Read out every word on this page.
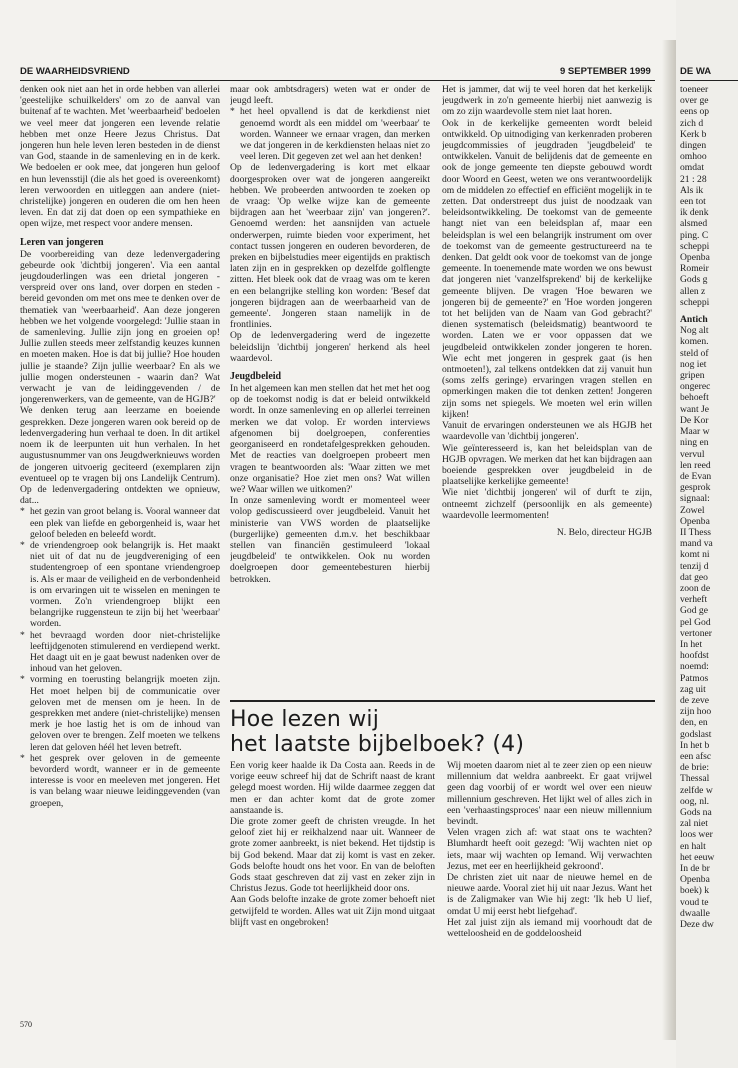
DE WAARHEIDSVRIEND	9 SEPTEMBER 1999

denken ook niet aan het in orde hebben van allerlei 'geestelijke schuilkelders' om zo de aanval van buitenaf af te wachten. Met 'weerbaarheid' bedoelen we veel meer dat jongeren een levende relatie hebben met onze Heere Jezus Christus. Dat jongeren hun hele leven leren besteden in de dienst van God, staande in de samenleving en in de kerk. We bedoelen er ook mee, dat jongeren hun geloof en hun levensstijl (die als het goed is overeenkomt) leren verwoorden en uitleggen aan andere (niet-christelijke) jongeren en ouderen die om hen heen leven. En dat zij dat doen op een sympathieke en open wijze, met respect voor andere mensen.

Leren van jongeren

De voorbereiding van deze ledenvergadering gebeurde ook 'dichtbij jongeren'. Via een aantal jeugdouderlingen was een drietal jongeren - verspreid over ons land, over dorpen en steden - bereid gevonden om met ons mee te denken over de thematiek van 'weerbaarheid'. Aan deze jongeren hebben we het volgende voorgelegd: 'Jullie staan in de samenleving. Jullie zijn jong en groeien op! Jullie zullen steeds meer zelfstandig keuzes kunnen en moeten maken. Hoe is dat bij jullie? Hoe houden jullie je staande? Zijn jullie weerbaar? En als we jullie mogen ondersteunen - waarin dan? Wat verwacht je van de leidinggevenden / de jongerenwerkers, van de gemeente, van de HGJB?'

We denken terug aan leerzame en boeiende gesprekken. Deze jongeren waren ook bereid op de ledenvergadering hun verhaal te doen. In dit artikel noem ik de leerpunten uit hun verhalen. In het augustusnummer van ons Jeugdwerknieuws worden de jongeren uitvoerig geciteerd (exemplaren zijn eventueel op te vragen bij ons Landelijk Centrum). Op de ledenvergadering ontdekten we opnieuw, dat...

* het gezin van groot belang is. Vooral wanneer dat een plek van liefde en geborgenheid is, waar het geloof beleden en beleefd wordt.
* de vriendengroep ook belangrijk is. Het maakt niet uit of dat nu de jeugdvereniging of een studentengroep of een spontane vriendengroep is. Als er maar de veiligheid en de verbondenheid is om ervaringen uit te wisselen en meningen te vormen. Zo'n vriendengroep blijkt een belangrijke ruggensteun te zijn bij het 'weerbaar' worden.
* het bevraagd worden door niet-christelijke leeftijdgenoten stimulerend en verdiepend werkt. Het daagt uit en je gaat bewust nadenken over de inhoud van het geloven.
* vorming en toerusting belangrijk moeten zijn. Het moet helpen bij de communicatie over geloven met de mensen om je heen. In de gesprekken met andere (niet-christelijke) mensen merk je hoe lastig het is om de inhoud van geloven over te brengen. Zelf moeten we telkens leren dat geloven héél het leven betreft.
* het gesprek over geloven in de gemeente bevorderd wordt, wanneer er in de gemeente interesse is voor en meeleven met jongeren. Het is van belang waar nieuwe leidinggevenden (van groepen,

maar ook ambtsdragers) weten wat er onder de jeugd leeft.

* het heel opvallend is dat de kerkdienst niet genoemd wordt als een middel om 'weerbaar' te worden. Wanneer we ernaar vragen, dan merken we dat jongeren in de kerkdiensten helaas niet zo veel leren. Dit gegeven zet wel aan het denken!

Op de ledenvergadering is kort met elkaar doorgesproken over wat de jongeren aangereikt hebben. We probeerden antwoorden te zoeken op de vraag: 'Op welke wijze kan de gemeente bijdragen aan het 'weerbaar zijn' van jongeren?'. Genoemd werden: het aansnijden van actuele onderwerpen, ruimte bieden voor experiment, het contact tussen jongeren en ouderen bevorderen, de preken en bijbelstudies meer eigentijds en praktisch laten zijn en in gesprekken op dezelfde golflengte zitten. Het bleek ook dat de vraag was om te keren en een belangrijke stelling kon worden: 'Besef dat jongeren bijdragen aan de weerbaarheid van de gemeente'. Jongeren staan namelijk in de frontlinies.

Op de ledenvergadering werd de ingezette beleidslijn 'dichtbij jongeren' herkend als heel waardevol.

Jeugdbeleid

In het algemeen kan men stellen dat het met het oog op de toekomst nodig is dat er beleid ontwikkeld wordt. In onze samenleving en op allerlei terreinen merken we dat volop. Er worden interviews afgenomen bij doelgroepen, conferenties georganiseerd en rondetafelgesprekken gehouden. Met de reacties van doelgroepen probeert men vragen te beantwoorden als: 'Waar zitten we met onze organisatie? Hoe ziet men ons? Wat willen we? Waar willen we uitkomen?'

In onze samenleving wordt er momenteel weer volop gediscussieerd over jeugdbeleid. Vanuit het ministerie van VWS worden de plaatselijke (burgerlijke) gemeenten d.m.v. het beschikbaar stellen van financiën gestimuleerd 'lokaal jeugdbeleid' te ontwikkelen. Ook nu worden doelgroepen door gemeentebesturen hierbij betrokken.

Het is jammer, dat wij te veel horen dat het kerkelijk jeugdwerk in zo'n gemeente hierbij niet aanwezig is om zo zijn waardevolle stem niet laat horen.

Ook in de kerkelijke gemeenten wordt beleid ontwikkeld. Op uitnodiging van kerkenraden proberen jeugdcommissies of jeugdraden 'jeugdbeleid' te ontwikkelen. Vanuit de belijdenis dat de gemeente en ook de jonge gemeente ten diepste gebouwd wordt door Woord en Geest, weten we ons verantwoordelijk om de middelen zo effectief en efficiënt mogelijk in te zetten. Dat onderstreept dus juist de noodzaak van beleidsontwikkeling. De toekomst van de gemeente hangt niet van een beleidsplan af, maar een beleidsplan is wel een belangrijk instrument om over de toekomst van de gemeente gestructureerd na te denken. Dat geldt ook voor de toekomst van de jonge gemeente. In toenemende mate worden we ons bewust dat jongeren niet 'vanzelfsprekend' bij de kerkelijke gemeente blijven. De vragen 'Hoe bewaren we jongeren bij de gemeente?' en 'Hoe worden jongeren tot het belijden van de Naam van God gebracht?' dienen systematisch (beleidsmatig) beantwoord te worden. Laten we er voor oppassen dat we jeugdbeleid ontwikkelen zonder jongeren te horen. Wie echt met jongeren in gesprek gaat (is hen ontmoeten!), zal telkens ontdekken dat zij vanuit hun (soms zelfs geringe) ervaringen vragen stellen en opmerkingen maken die tot denken zetten! Jongeren zijn soms net spiegels. We moeten wel erin willen kijken!

Vanuit de ervaringen ondersteunen we als HGJB het waardevolle van 'dichtbij jongeren'.

Wie geïnteresseerd is, kan het beleidsplan van de HGJB opvragen. We merken dat het kan bijdragen aan boeiende gesprekken over jeugdbeleid in de plaatselijke kerkelijke gemeente!

Wie niet 'dichtbij jongeren' wil of durft te zijn, ontneemt zichzelf (persoonlijk en als gemeente) waardevolle leermomenten!

N. Belo, directeur HGJB

Hoe lezen wij
het laatste bijbelboek? (4)

Een vorig keer haalde ik Da Costa aan. Reeds in de vorige eeuw schreef hij dat de Schrift naast de krant gelegd moest worden. Hij wilde daarmee zeggen dat men er dan achter komt dat de grote zomer aanstaande is.

Die grote zomer geeft de christen vreugde. In het geloof ziet hij er reikhalzend naar uit. Wanneer de grote zomer aanbreekt, is niet bekend. Het tijdstip is bij God bekend. Maar dat zij komt is vast en zeker. Gods belofte houdt ons het voor. En van de beloften Gods staat geschreven dat zij vast en zeker zijn in Christus Jezus. Gode tot heerlijkheid door ons.

Aan Gods belofte inzake de grote zomer behoeft niet getwijfeld te worden. Alles wat uit Zijn mond uitgaat blijft vast en ongebroken!

Wij moeten daarom niet al te zeer zien op een nieuw millennium dat weldra aanbreekt. Er gaat vrijwel geen dag voorbij of er wordt wel over een nieuw millennium geschreven. Het lijkt wel of alles zich in een 'verhaastingsproces' naar een nieuw millennium bevindt.

Velen vragen zich af: wat staat ons te wachten? Blumhardt heeft ooit gezegd: 'Wij wachten niet op iets, maar wij wachten op Iemand. Wij verwachten Jezus, met eer en heerlijkheid gekroond'.

De christen ziet uit naar de nieuwe hemel en de nieuwe aarde. Vooral ziet hij uit naar Jezus. Want het is de Zaligmaker van Wie hij zegt: 'Ik heb U lief, omdat U mij eerst hebt liefgehad'.

Het zal juist zijn als iemand mij voorhoudt dat de wetteloosheid en de goddeloosheid

570
DE WA
toeneer
over ge
eens op
zich d
Kerk b
dingen
omhoo
omdat
21 : 28
Als ik
een tot
ik denk
alsmed
ping. C
scheppi
Openba
Romeir
Gods g
allen z
scheppi
Antich
Nog alt
komen.
steld of
nog iet
gripen
ongerec
behoeft
want Je
De Kor
Maar w
ning en
vervul
len reed
de Evan
gesprok
signaal:
Zowel
Openba
II Thess
mand va
komt ni
tenzij d
dat geo
zoon de
verheft
God ge
pel God
vertoner
In het
hoofdst
noemd:
Patmos
zag uit
de zeve
zijn hoo
den, en
godslast
In het b
een afsc
de brie:
Thessal
zelfde w
oog, nl.
Gods na
zal niet
loos wer
en halt
het eeuw
In de br
Openba
boek) k
voud te
dwaalle
Deze dw
